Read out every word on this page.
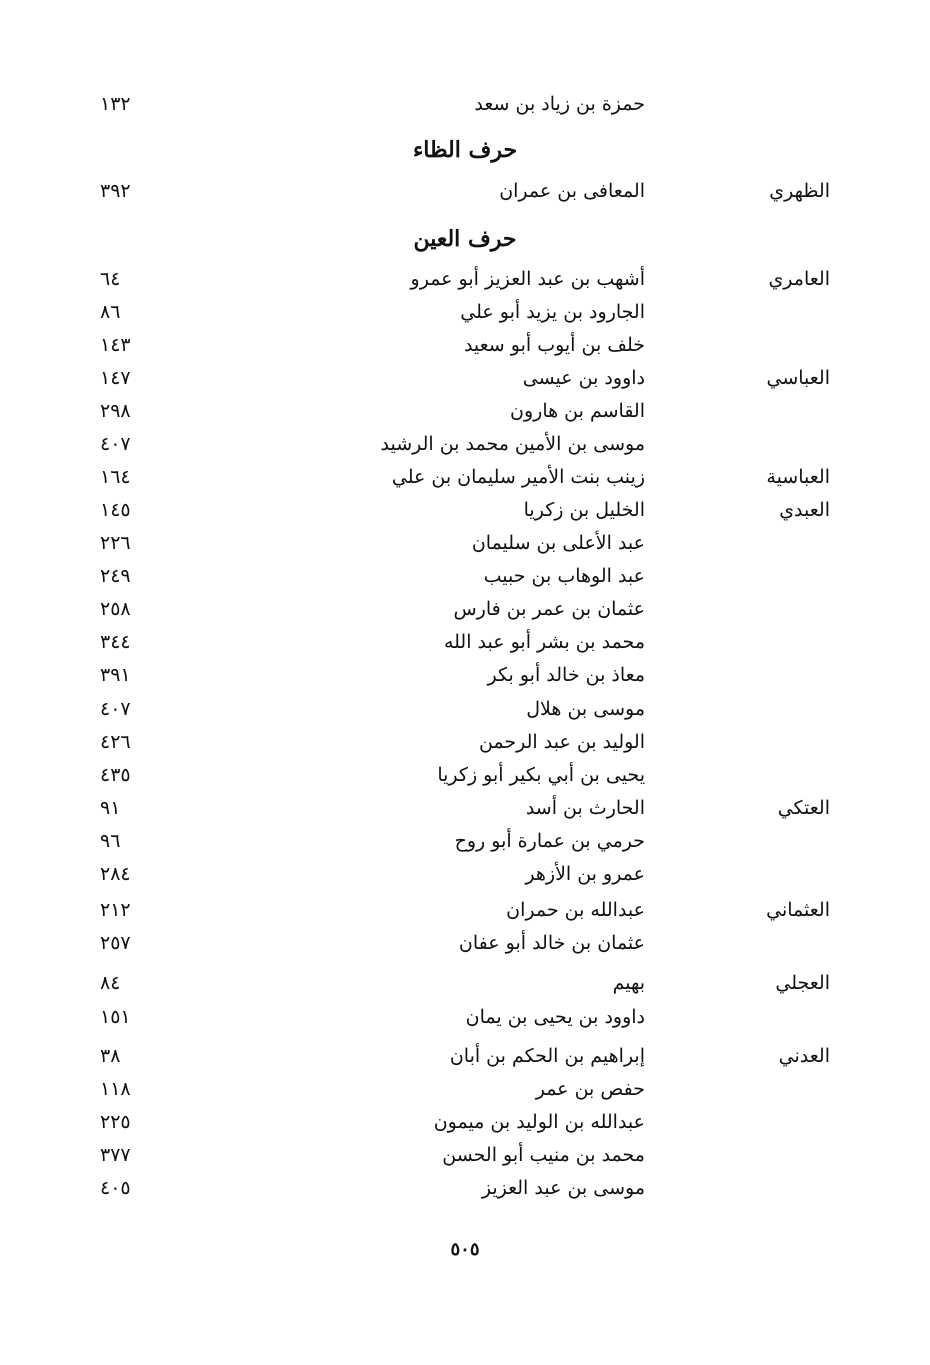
حمزة بن زياد بن سعد
١٣٢
حرف الظاء
الظهري
المعافى بن عمران
٣٩٢
حرف العين
العامري
أشهب بن عبد العزيز أبو عمرو
٦٤
الجارود بن يزيد أبو علي
٨٦
خلف بن أيوب أبو سعيد
١٤٣
العباسي
داوود بن عيسى
١٤٧
القاسم بن هارون
٢٩٨
موسى بن الأمين محمد بن الرشيد
٤٠٧
العباسية
زينب بنت الأمير سليمان بن علي
١٦٤
العبدي
الخليل بن زكريا
١٤٥
عبد الأعلى بن سليمان
٢٢٦
عبد الوهاب بن حبيب
٢٤٩
عثمان بن عمر بن فارس
٢٥٨
محمد بن بشر أبو عبد الله
٣٤٤
معاذ بن خالد أبو بكر
٣٩١
موسى بن هلال
٤٠٧
الوليد بن عبد الرحمن
٤٢٦
يحيى بن أبي بكير أبو زكريا
٤٣٥
العتكي
الحارث بن أسد
٩١
حرمي بن عمارة أبو روح
٩٦
عمرو بن الأزهر
٢٨٤
العثماني
عبدالله بن حمران
٢١٢
عثمان بن خالد أبو عفان
٢٥٧
العجلي
بهيم
٨٤
داوود بن يحيى بن يمان
١٥١
العدني
إبراهيم بن الحكم بن أبان
٣٨
حفص بن عمر
١١٨
عبدالله بن الوليد بن ميمون
٢٢٥
محمد بن منيب أبو الحسن
٣٧٧
موسى بن عبد العزيز
٤٠٥
٥٠٥
